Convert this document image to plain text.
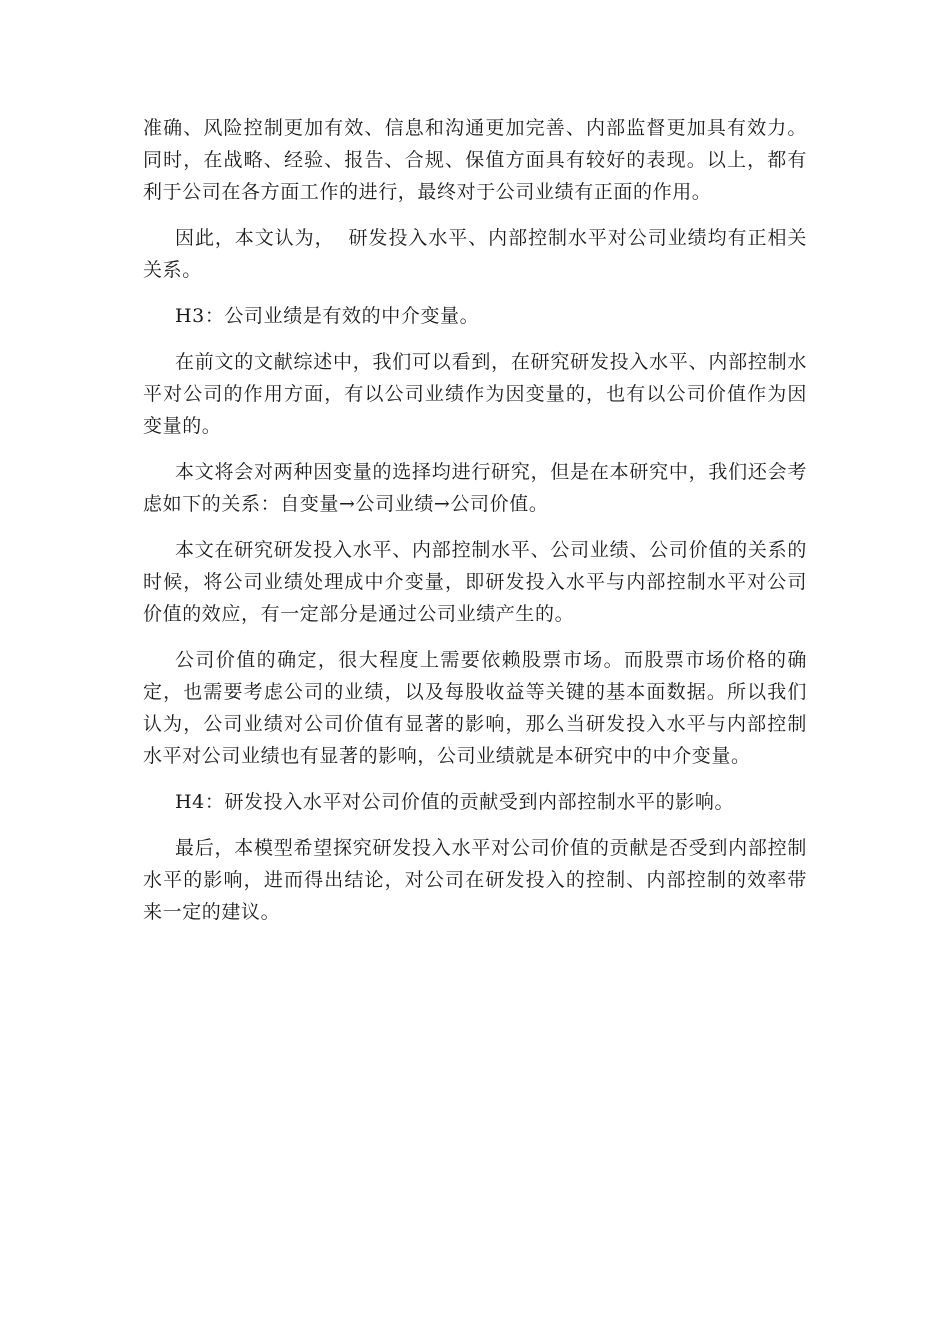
准确、风险控制更加有效、信息和沟通更加完善、内部监督更加具有效力。同时，在战略、经验、报告、合规、保值方面具有较好的表现。以上，都有利于公司在各方面工作的进行，最终对于公司业绩有正面的作用。

因此，本文认为，  研发投入水平、内部控制水平对公司业绩均有正相关关系。

H3：公司业绩是有效的中介变量。

在前文的文献综述中，我们可以看到，在研究研发投入水平、内部控制水平对公司的作用方面，有以公司业绩作为因变量的，也有以公司价值作为因变量的。

本文将会对两种因变量的选择均进行研究，但是在本研究中，我们还会考虑如下的关系：自变量→公司业绩→公司价值。

本文在研究研发投入水平、内部控制水平、公司业绩、公司价值的关系的时候，将公司业绩处理成中介变量，即研发投入水平与内部控制水平对公司价值的效应，有一定部分是通过公司业绩产生的。

公司价值的确定，很大程度上需要依赖股票市场。而股票市场价格的确定，也需要考虑公司的业绩，以及每股收益等关键的基本面数据。所以我们认为，公司业绩对公司价值有显著的影响，那么当研发投入水平与内部控制水平对公司业绩也有显著的影响，公司业绩就是本研究中的中介变量。

H4：研发投入水平对公司价值的贡献受到内部控制水平的影响。

最后，本模型希望探究研发投入水平对公司价值的贡献是否受到内部控制水平的影响，进而得出结论，对公司在研发投入的控制、内部控制的效率带来一定的建议。
